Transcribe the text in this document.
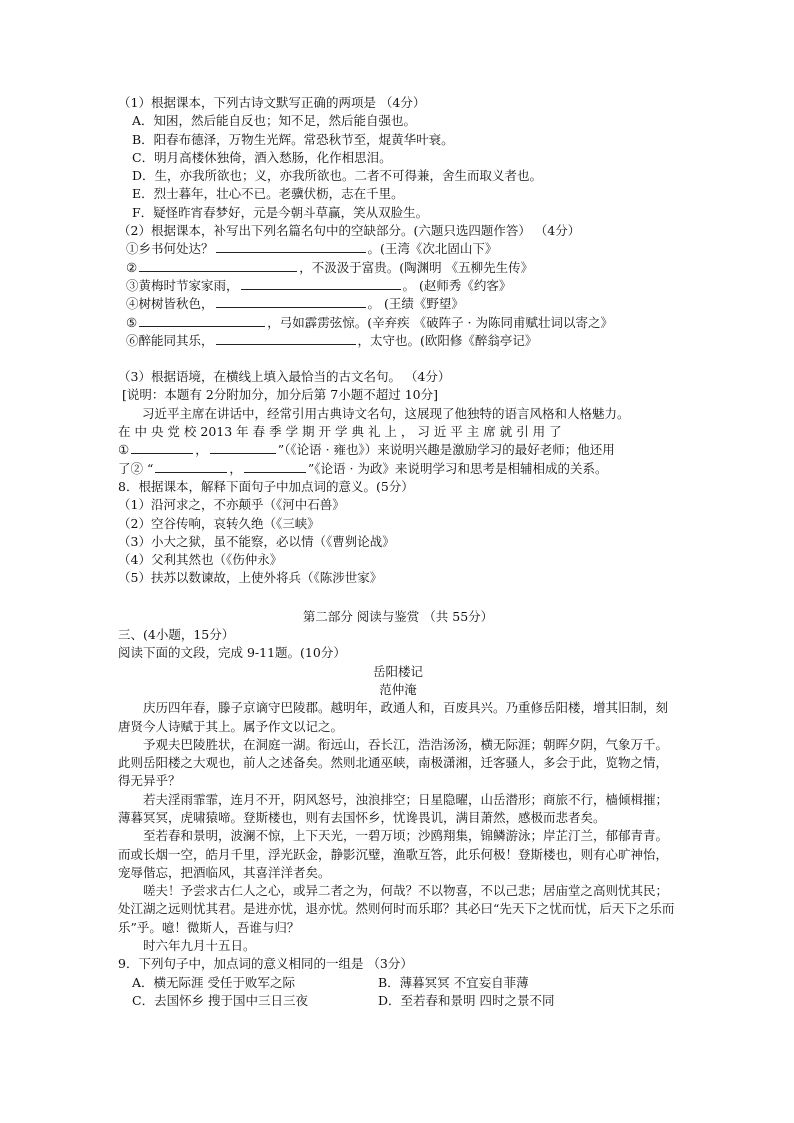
（1）根据课本，下列古诗文默写正确的两项是 （4分）
A．知困，然后能自反也；知不足，然后能自强也。
B．阳春布德泽，万物生光辉。常恐秋节至，焜黄华叶衰。
C．明月高楼休独倚，酒入愁肠，化作相思泪。
D．生，亦我所欲也；义，亦我所欲也。二者不可得兼，舍生而取义者也。
E．烈士暮年，壮心不已。老骥伏枥，志在千里。
F．疑怪昨宵春梦好，元是今朝斗草赢，笑从双脸生。
（2）根据课本，补写出下列名篇名句中的空缺部分。(六题只选四题作答） （4分）
①乡书何处达？	。(王湾《次北固山下》
②	，不汲汲于富贵。(陶渊明 《五柳先生传》
③黄梅时节家家雨，	。 (赵师秀《约客》
④树树皆秋色，	。 (王绩《野望》
⑤	，弓如霹雳弦惊。(辛弃疾 《破阵子 · 为陈同甫赋壮词以寄之》
⑥醉能同其乐，	，太守也。(欧阳修《醉翁亭记》
（3）根据语境，在横线上填入最恰当的古文名句。 （4分）
[说明：本题有 2分附加分，加分后第 7小题不超过 10分]
习近平主席在讲话中，经常引用古典诗文名句，这展现了他独特的语言风格和人格魅力。
在 中 央 党 校 2013 年 春 季 学 期 开 学 典 礼 上 ， 习 近 平 主 席 就 引 用 了
①	，	”（《论语 · 雍也》）来说明兴趣是激励学习的最好老师；他还用
了② “	，	”《论语 · 为政》来说明学习和思考是相辅相成的关系。
8．根据课本，解释下面句子中加点词的意义。(5分）
（1）沿河求之，不亦颠乎（《河中石兽》
（2）空谷传响，哀转久绝（《三峡》
（3）小大之狱，虽不能察，必以情（《曹刿论战》
（4）父利其然也（《伤仲永》
（5）扶苏以数谏故，上使外将兵（《陈涉世家》
第二部分 阅读与鉴赏 （共 55分）
三、(4小题，15分）
阅读下面的文段，完成 9-11题。(10分）
岳阳楼记
范仲淹
庆历四年春，滕子京谪守巴陵郡。越明年，政通人和，百废具兴。乃重修岳阳楼，增其旧制，刻唐贤今人诗赋于其上。属予作文以记之。
予观夫巴陵胜状，在洞庭一湖。衔远山，吞长江，浩浩汤汤，横无际涯；朝晖夕阴，气象万千。此则岳阳楼之大观也，前人之述备矣。然则北通巫峡，南极潇湘，迁客骚人，多会于此，览物之情，得无异乎？
若夫淫雨霏霏，连月不开，阴风怒号，浊浪排空；日星隐曜，山岳潜形；商旅不行，樯倾楫摧；薄暮冥冥，虎啸猿啼。登斯楼也，则有去国怀乡，忧谗畏讥，满目萧然，感极而悲者矣。
至若春和景明，波澜不惊，上下天光，一碧万顷；沙鸥翔集，锦鳞游泳；岸芷汀兰，郁郁青青。而或长烟一空，皓月千里，浮光跃金，静影沉璧，渔歌互答，此乐何极！登斯楼也，则有心旷神怡，宠辱偕忘，把酒临风，其喜洋洋者矣。
嗟夫！予尝求古仁人之心，或异二者之为，何哉？不以物喜，不以己悲；居庙堂之高则忧其民；处江湖之远则忧其君。是进亦忧，退亦忧。然则何时而乐耶？其必曰“先天下之忧而忧，后天下之乐而乐”乎。噫！微斯人，吾谁与归？
时六年九月十五日。
9．下列句子中，加点词的意义相同的一组是 （3分）
A．横无际涯 受任于败军之际	B．薄暮冥冥 不宜妄自菲薄
C．去国怀乡 搜于国中三日三夜	D．至若春和景明 四时之景不同
